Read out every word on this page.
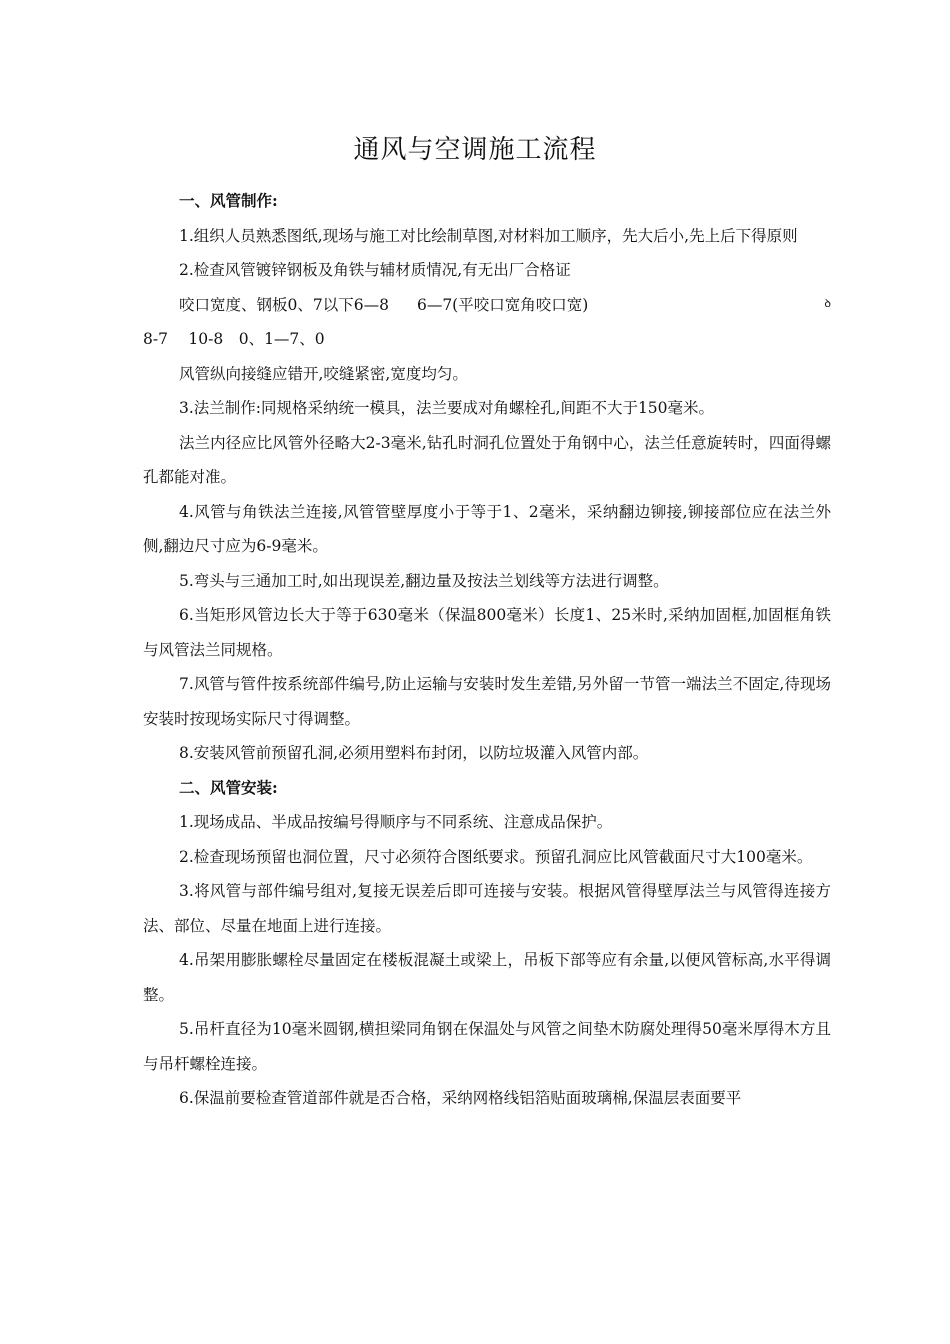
通风与空调施工流程

一、风管制作:

1.组织人员熟悉图纸,现场与施工对比绘制草图,对材料加工顺序，先大后小,先上后下得原则

2.检查风管镀锌钢板及角铁与辅材质情况,有无出厂合格证

咬口宽度、钢板0、7以下6—8 6—7(平咬口宽角咬口宽)	ꝺ

8-7　 10-8　0、1—7、0

风管纵向接缝应错开,咬缝紧密,宽度均匀。

3.法兰制作:同规格采纳统一模具，法兰要成对角螺栓孔,间距不大于150毫米。

法兰内径应比风管外径略大2-3毫米,钻孔时洞孔位置处于角钢中心，法兰任意旋转时，四面得螺孔都能对准。

4.风管与角铁法兰连接,风管管壁厚度小于等于1、2毫米，采纳翻边铆接,铆接部位应在法兰外侧,翻边尺寸应为6-9毫米。

5.弯头与三通加工时,如出现误差,翻边量及按法兰划线等方法进行调整。

6.当矩形风管边长大于等于630毫米（保温800毫米）长度1、25米时,采纳加固框,加固框角铁与风管法兰同规格。

7.风管与管件按系统部件编号,防止运输与安装时发生差错,另外留一节管一端法兰不固定,待现场安装时按现场实际尺寸得调整。

8.安装风管前预留孔洞,必须用塑料布封闭，以防垃圾灌入风管内部。

二、风管安装:

1.现场成品、半成品按编号得顺序与不同系统、注意成品保护。

2.检查现场预留也洞位置，尺寸必须符合图纸要求。预留孔洞应比风管截面尺寸大100毫米。

3.将风管与部件编号组对,复接无误差后即可连接与安装。根据风管得壁厚法兰与风管得连接方法、部位、尽量在地面上进行连接。

4.吊架用膨胀螺栓尽量固定在楼板混凝土或梁上，吊板下部等应有余量,以便风管标高,水平得调整。

5.吊杆直径为10毫米圆钢,横担梁同角钢在保温处与风管之间垫木防腐处理得50毫米厚得木方且与吊杆螺栓连接。

6.保温前要检查管道部件就是否合格，采纳网格线铝箔贴面玻璃棉,保温层表面要平
